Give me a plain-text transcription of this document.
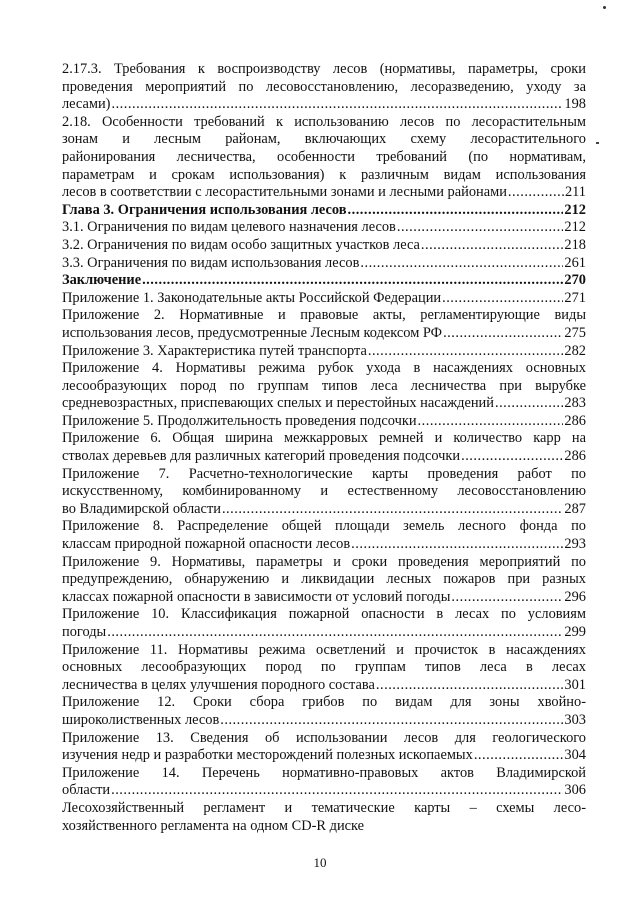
2.17.3. Требования к воспроизводству лесов (нормативы, параметры, сроки
проведения мероприятий по лесовосстановлению, лесоразведению, уходу за
лесами) .....	198
2.18. Особенности требований к использованию лесов по лесорастительным
зонам и лесным районам, включающих схему лесорастительного
районирования лесничества, особенности требований (по нормативам,
параметрам и срокам использования) к различным видам использования
лесов в соответствии с лесорастительными зонами и лесными районами .....	211
Глава 3. Ограничения использования лесов .....	212
3.1. Ограничения по видам целевого назначения лесов .....	212
3.2. Ограничения по видам особо защитных участков леса .....	218
3.3. Ограничения по видам использования лесов .....	261
Заключение .....	270
Приложение 1. Законодательные акты Российской Федерации .....	271
Приложение 2. Нормативные и правовые акты, регламентирующие виды
использования лесов, предусмотренные Лесным кодексом РФ .....	275
Приложение 3. Характеристика путей транспорта .....	282
Приложение 4. Нормативы режима рубок ухода в насаждениях основных
лесообразующих пород по группам типов леса лесничества при вырубке
средневозрастных, приспевающих спелых и перестойных насаждений .....	283
Приложение 5. Продолжительность проведения подсочки .....	286
Приложение 6. Общая ширина межкарровых ремней и количество карр на
стволах деревьев для различных категорий проведения подсочки .....	286
Приложение 7. Расчетно-технологические карты проведения работ по
искусственному, комбинированному и естественному лесовосстановлению
во Владимирской области .....	287
Приложение 8. Распределение общей площади земель лесного фонда по
классам природной пожарной опасности лесов .....	293
Приложение 9. Нормативы, параметры и сроки проведения мероприятий по
предупреждению, обнаружению и ликвидации лесных пожаров при разных
классах пожарной опасности в зависимости от условий погоды .....	296
Приложение 10. Классификация пожарной опасности в лесах по условиям
погоды .....	299
Приложение 11. Нормативы режима осветлений и прочисток в насаждениях
основных лесообразующих пород по группам типов леса в лесах
лесничества в целях улучшения породного состава .....	301
Приложение 12. Сроки сбора грибов по видам для зоны хвойно-
широколиственных лесов .....	303
Приложение 13. Сведения об использовании лесов для геологического
изучения недр и разработки месторождений полезных ископаемых .....	304
Приложение 14. Перечень нормативно-правовых актов Владимирской
области .....	306
Лесохозяйственный регламент и тематические карты – схемы лесо-
хозяйственного регламента на одном CD-R диске
10
